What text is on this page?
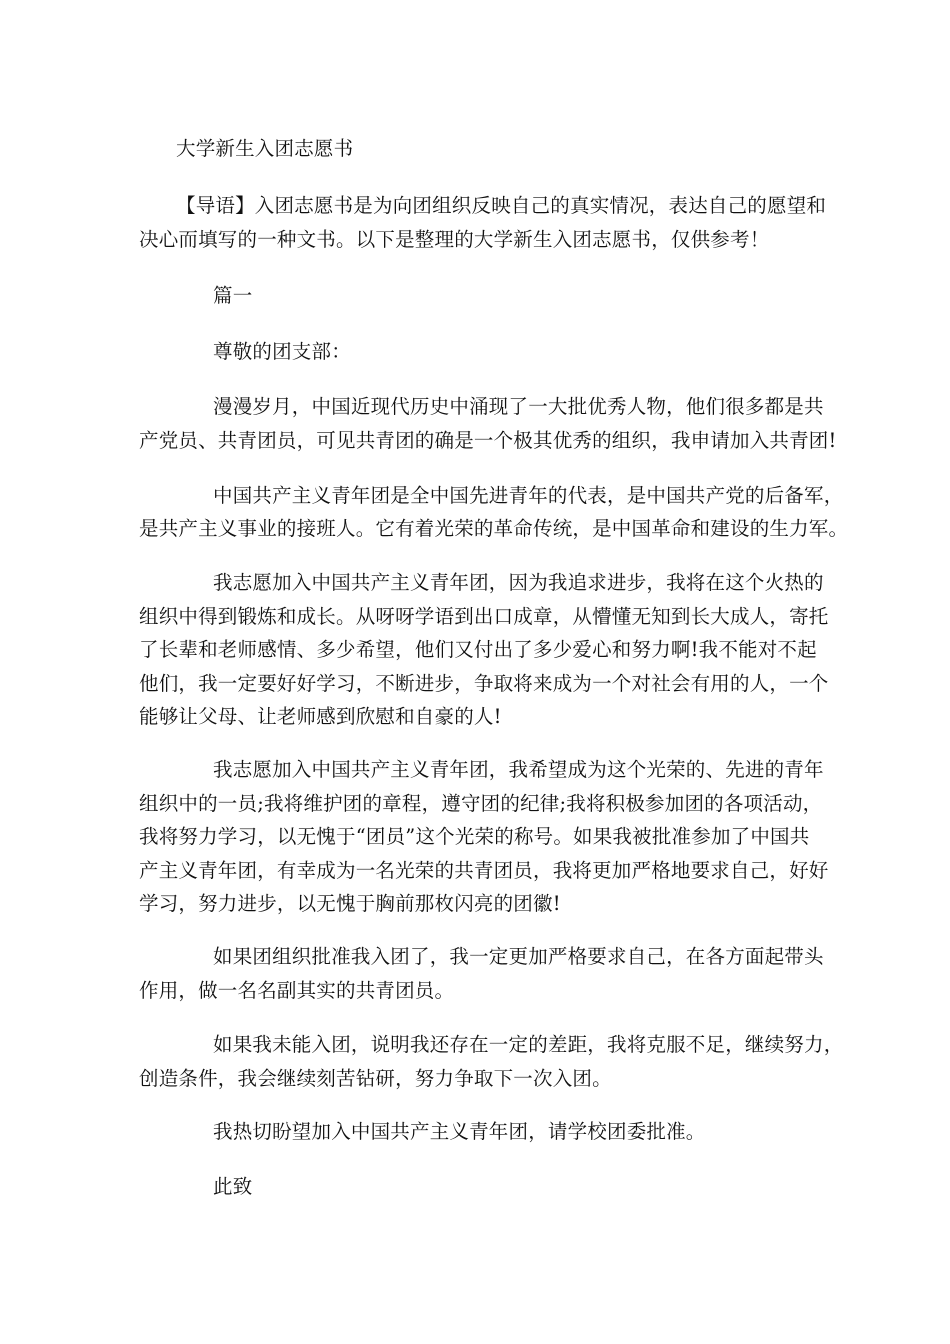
大学新生入团志愿书
【导语】入团志愿书是为向团组织反映自己的真实情况，表达自己的愿望和
决心而填写的一种文书。以下是整理的大学新生入团志愿书，仅供参考！
篇一
尊敬的团支部：
漫漫岁月，中国近现代历史中涌现了一大批优秀人物，他们很多都是共
产党员、共青团员，可见共青团的确是一个极其优秀的组织，我申请加入共青团!
中国共产主义青年团是全中国先进青年的代表，是中国共产党的后备军，
是共产主义事业的接班人。它有着光荣的革命传统，是中国革命和建设的生力军。
我志愿加入中国共产主义青年团，因为我追求进步，我将在这个火热的
组织中得到锻炼和成长。从呀呀学语到出口成章，从懵懂无知到长大成人，寄托
了长辈和老师感情、多少希望，他们又付出了多少爱心和努力啊!我不能对不起
他们，我一定要好好学习，不断进步，争取将来成为一个对社会有用的人，一个
能够让父母、让老师感到欣慰和自豪的人!
我志愿加入中国共产主义青年团，我希望成为这个光荣的、先进的青年
组织中的一员;我将维护团的章程，遵守团的纪律;我将积极参加团的各项活动，
我将努力学习，以无愧于“团员”这个光荣的称号。如果我被批准参加了中国共
产主义青年团，有幸成为一名光荣的共青团员，我将更加严格地要求自己，好好
学习，努力进步，以无愧于胸前那枚闪亮的团徽!
如果团组织批准我入团了，我一定更加严格要求自己，在各方面起带头
作用，做一名名副其实的共青团员。
如果我未能入团，说明我还存在一定的差距，我将克服不足，继续努力，
创造条件，我会继续刻苦钻研，努力争取下一次入团。
我热切盼望加入中国共产主义青年团，请学校团委批准。
此致
